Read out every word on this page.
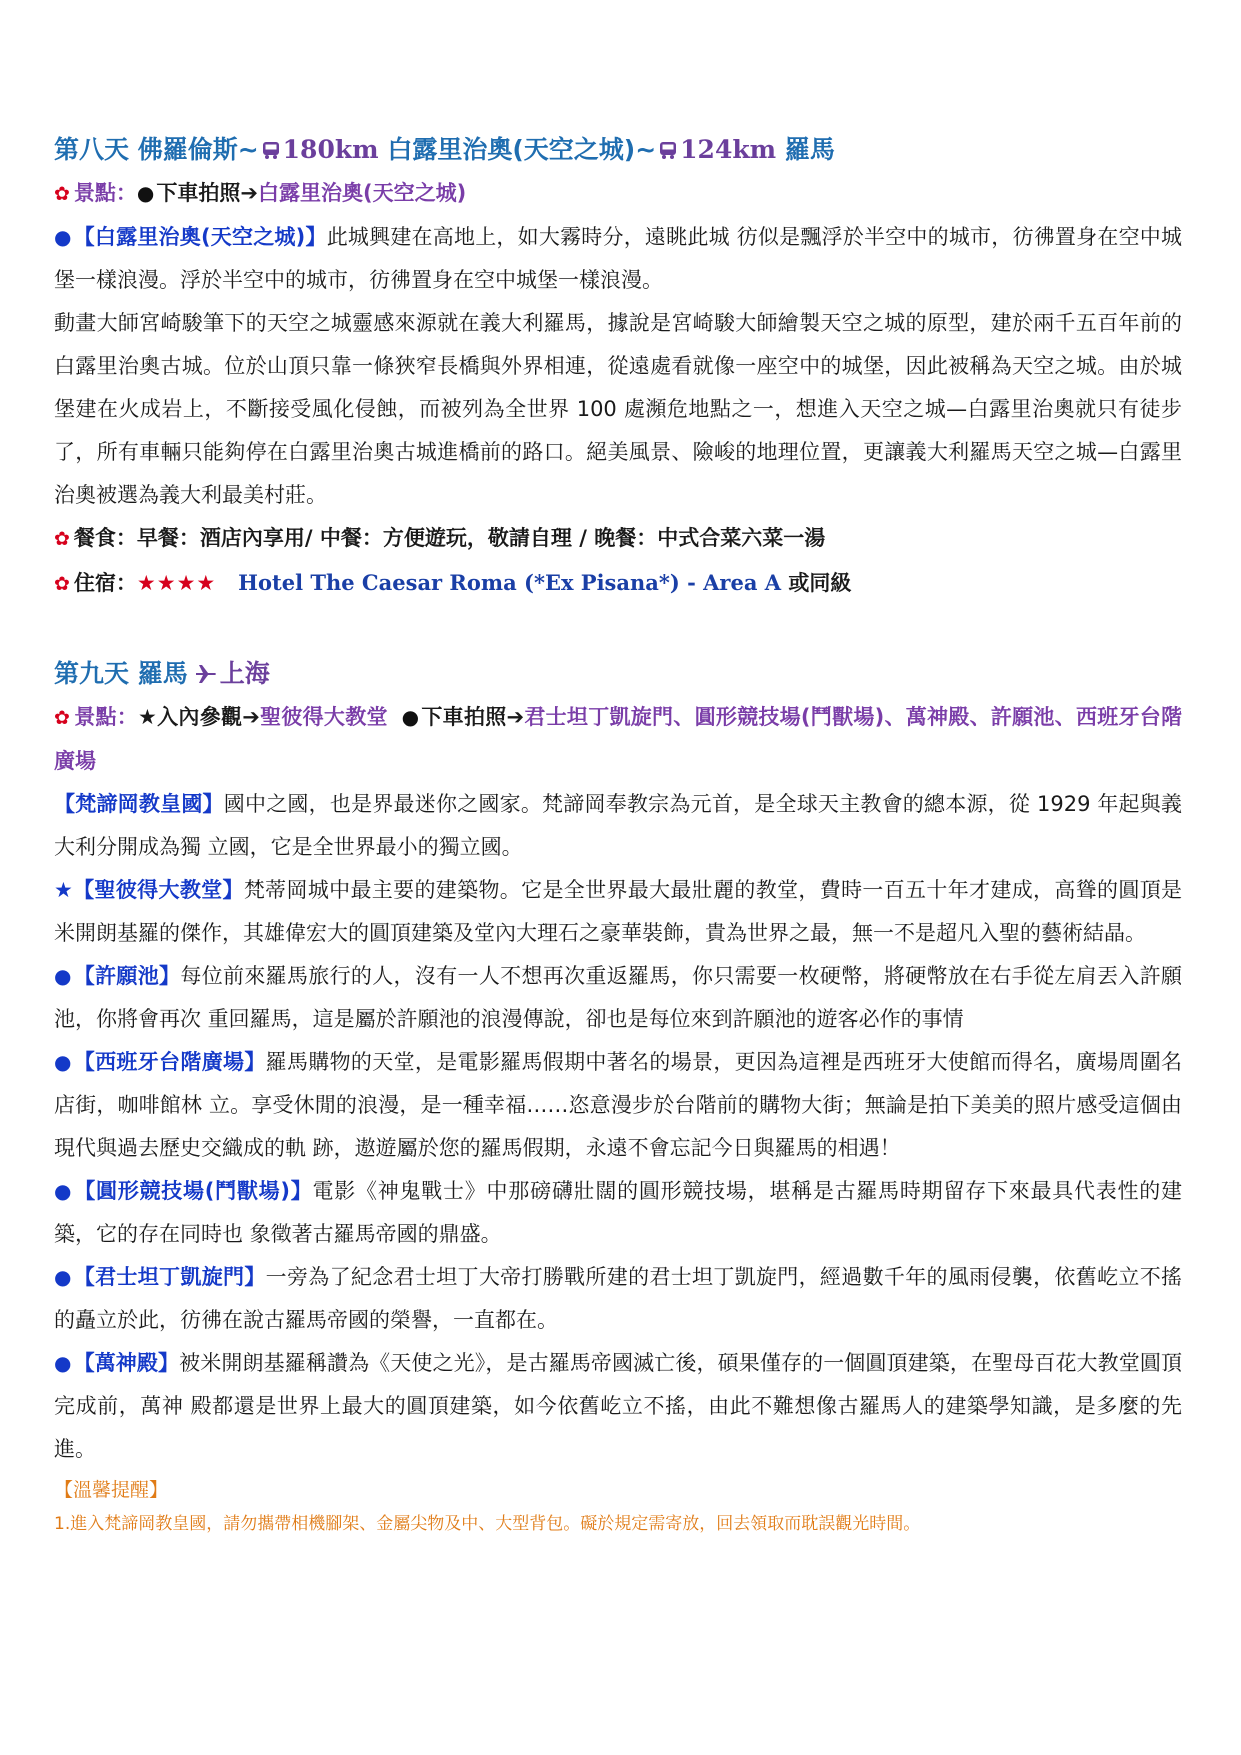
第八天 佛羅倫斯~ 180km 白露里治奧(天空之城)~ 124km 羅馬
✿ 景點：●下車拍照➔白露里治奧(天空之城)
●【白露里治奧(天空之城)】此城興建在高地上，如大霧時分，遠眺此城 彷似是飄浮於半空中的城市，彷彿置身在空中城堡一樣浪漫。浮於半空中的城市，彷彿置身在空中城堡一樣浪漫。
動畫大師宮崎駿筆下的天空之城靈感來源就在義大利羅馬，據說是宮崎駿大師繪製天空之城的原型，建於兩千五百年前的白露里治奧古城。位於山頂只靠一條狹窄長橋與外界相連，從遠處看就像一座空中的城堡，因此被稱為天空之城。由於城堡建在火成岩上，不斷接受風化侵蝕，而被列為全世界 100 處瀕危地點之一，想進入天空之城—白露里治奧就只有徒步了，所有車輛只能夠停在白露里治奧古城進橋前的路口。絕美風景、險峻的地理位置，更讓義大利羅馬天空之城—白露里治奧被選為義大利最美村莊。
✿ 餐食：早餐：酒店內享用/ 中餐：方便遊玩，敬請自理 / 晚餐：中式合菜六菜一湯
✿ 住宿：★★★★ Hotel The Caesar Roma (*Ex Pisana*) - Area A 或同級
第九天 羅馬 上海
✿ 景點：★入內參觀➔聖彼得大教堂 ●下車拍照➔君士坦丁凱旋門、圓形競技場(鬥獸場)、萬神殿、許願池、西班牙台階廣場
【梵諦岡教皇國】國中之國，也是界最迷你之國家。梵諦岡奉教宗為元首，是全球天主教會的總本源，從 1929 年起與義大利分開成為獨 立國，它是全世界最小的獨立國。
★【聖彼得大教堂】梵蒂岡城中最主要的建築物。它是全世界最大最壯麗的教堂，費時一百五十年才建成，高聳的圓頂是米開朗基羅的傑作，其雄偉宏大的圓頂建築及堂內大理石之豪華裝飾，貴為世界之最，無一不是超凡入聖的藝術結晶。
●【許願池】每位前來羅馬旅行的人，沒有一人不想再次重返羅馬，你只需要一枚硬幣，將硬幣放在右手從左肩丟入許願池，你將會再次 重回羅馬，這是屬於許願池的浪漫傳說，卻也是每位來到許願池的遊客必作的事情
●【西班牙台階廣場】羅馬購物的天堂，是電影羅馬假期中著名的場景，更因為這裡是西班牙大使館而得名，廣場周圍名店街，咖啡館林 立。享受休閒的浪漫，是一種幸福……恣意漫步於台階前的購物大街；無論是拍下美美的照片感受這個由現代與過去歷史交織成的軌 跡，遨遊屬於您的羅馬假期，永遠不會忘記今日與羅馬的相遇！
●【圓形競技場(鬥獸場)】電影《神鬼戰士》中那磅礴壯闊的圓形競技場，堪稱是古羅馬時期留存下來最具代表性的建築，它的存在同時也 象徵著古羅馬帝國的鼎盛。
●【君士坦丁凱旋門】一旁為了紀念君士坦丁大帝打勝戰所建的君士坦丁凱旋門，經過數千年的風雨侵襲，依舊屹立不搖的矗立於此，彷彿在說古羅馬帝國的榮譽，一直都在。
●【萬神殿】被米開朗基羅稱讚為《天使之光》，是古羅馬帝國滅亡後，碩果僅存的一個圓頂建築，在聖母百花大教堂圓頂完成前，萬神 殿都還是世界上最大的圓頂建築，如今依舊屹立不搖，由此不難想像古羅馬人的建築學知識，是多麼的先進。
【溫馨提醒】
1.進入梵諦岡教皇國，請勿攜帶相機腳架、金屬尖物及中、大型背包。礙於規定需寄放，回去領取而耽誤觀光時間。
